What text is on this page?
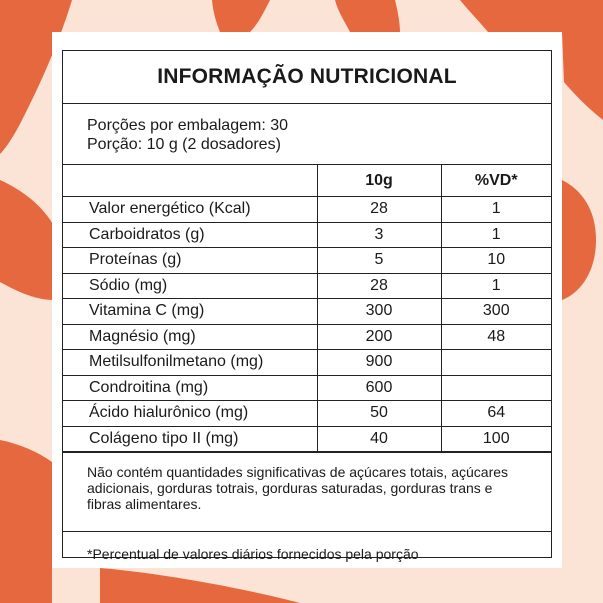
INFORMAÇÃO NUTRICIONAL
Porções por embalagem: 30
Porção: 10 g (2 dosadores)
	10g	%VD*
Valor energético (Kcal)	28	1
Carboidratos (g)	3	1
Proteínas (g)	5	10
Sódio (mg)	28	1
Vitamina C (mg)	300	300
Magnésio (mg)	200	48
Metilsulfonilmetano (mg)	900	
Condroitina (mg)	600	
Ácido hialurônico (mg)	50	64
Colágeno tipo II (mg)	40	100
Não contém quantidades significativas de açúcares totais, açúcares adicionais, gorduras totrais, gorduras saturadas, gorduras trans e fibras alimentares.
*Percentual de valores diários fornecidos pela porção
